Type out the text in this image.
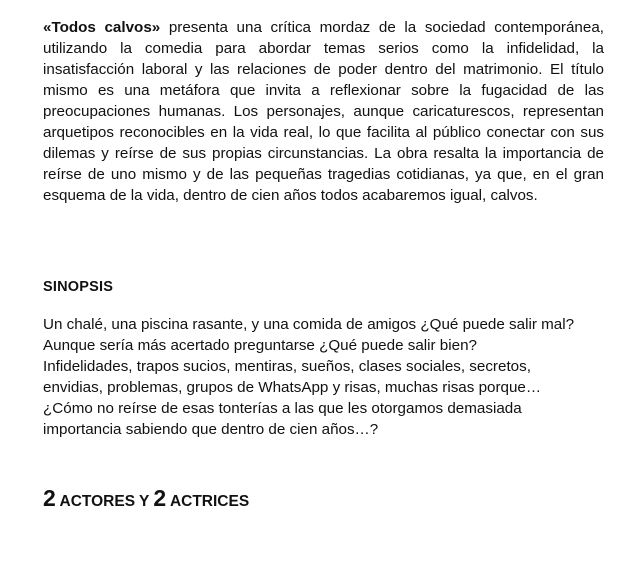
«Todos calvos» presenta una crítica mordaz de la sociedad contemporánea, utilizando la comedia para abordar temas serios como la infidelidad, la insatisfacción laboral y las relaciones de poder dentro del matrimonio. El título mismo es una metáfora que invita a reflexionar sobre la fugacidad de las preocupaciones humanas. Los personajes, aunque caricaturescos, representan arquetipos reconocibles en la vida real, lo que facilita al público conectar con sus dilemas y reírse de sus propias circunstancias. La obra resalta la importancia de reírse de uno mismo y de las pequeñas tragedias cotidianas, ya que, en el gran esquema de la vida, dentro de cien años todos acabaremos igual, calvos.

SINOPSIS
Un chalé, una piscina rasante, y una comida de amigos ¿Qué puede salir mal?
Aunque sería más acertado preguntarse ¿Qué puede salir bien?
Infidelidades, trapos sucios, mentiras, sueños, clases sociales, secretos,
envidias, problemas, grupos de WhatsApp y risas, muchas risas porque…
¿Cómo no reírse de esas tonterías a las que les otorgamos demasiada
importancia sabiendo que dentro de cien años…?
2 ACTORES Y 2 ACTRICES
